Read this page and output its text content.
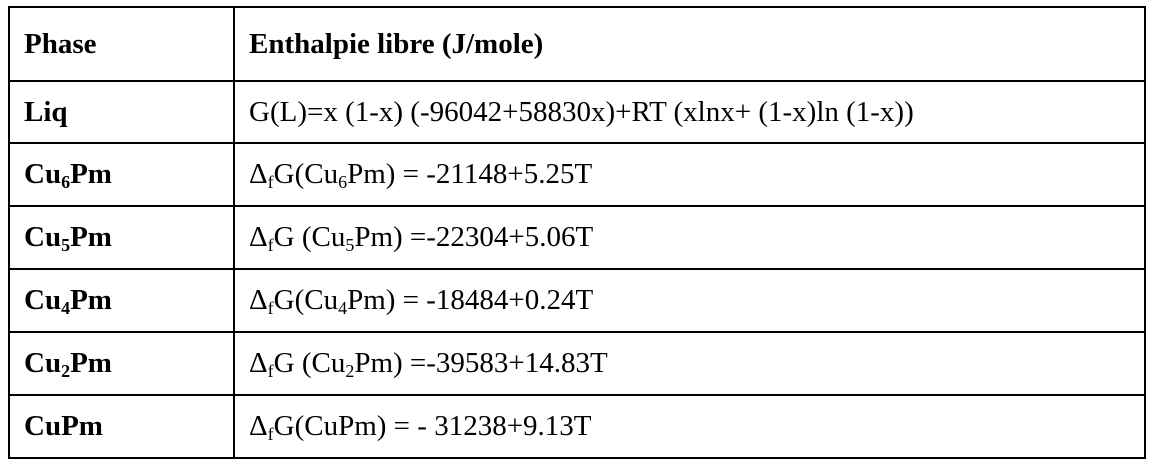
Phase	Enthalpie libre (J/mole)
Liq	G(L)=x (1-x) (-96042+58830x)+RT (xlnx+ (1-x)ln (1-x))
$Cu_6Pm$	$\Delta_fG(Cu_6Pm) = -21148+5.25T$
$Cu_5Pm$	$\Delta_fG$ $(Cu_5Pm) =-22304+5.06T$
$Cu_4Pm$	$\Delta_fG(Cu_4Pm) = -18484+0.24T$
$Cu_2Pm$	$\Delta_fG$ $(Cu_2Pm) =-39583+14.83T$
CuPm	$\Delta_fG(CuPm)$ = - 31238+9.13T
